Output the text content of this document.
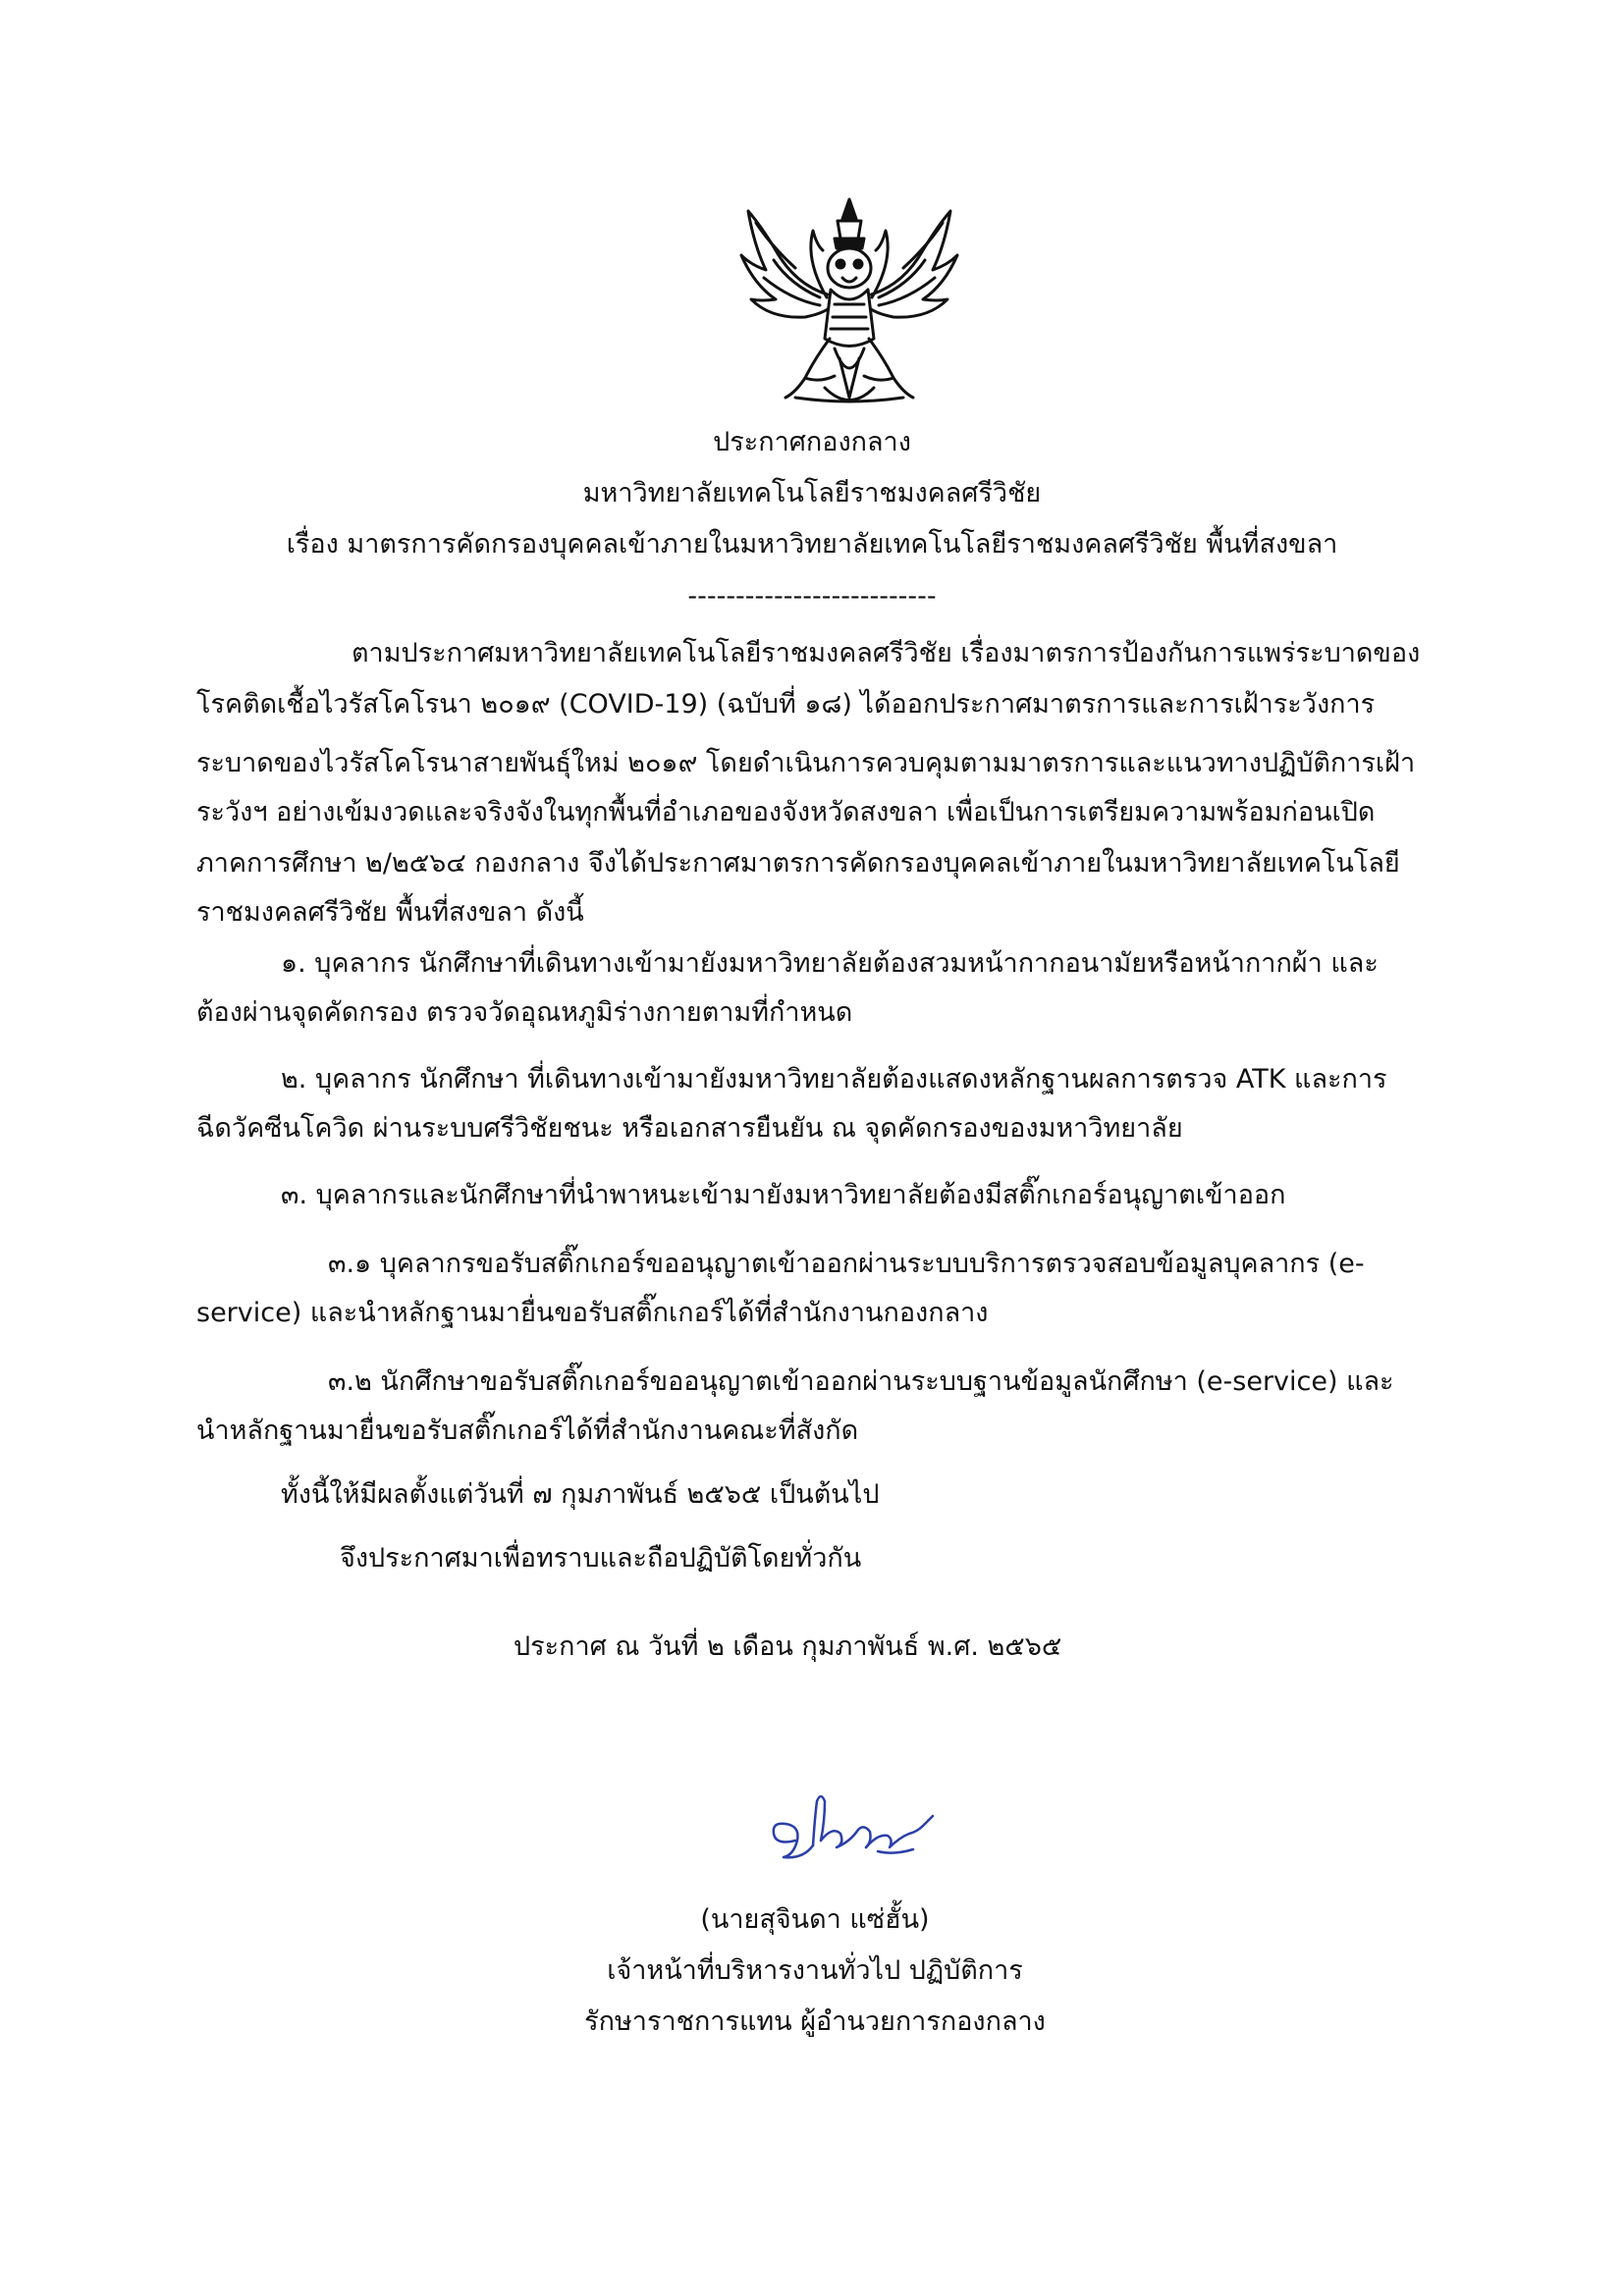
ประกาศกองกลาง
มหาวิทยาลัยเทคโนโลยีราชมงคลศรีวิชัย
เรื่อง มาตรการคัดกรองบุคคลเข้าภายในมหาวิทยาลัยเทคโนโลยีราชมงคลศรีวิชัย พื้นที่สงขลา
--------------------------
ตามประกาศมหาวิทยาลัยเทคโนโลยีราชมงคลศรีวิชัย เรื่องมาตรการป้องกันการแพร่ระบาดของ
โรคติดเชื้อไวรัสโคโรนา ๒๐๑๙ (COVID-19) (ฉบับที่ ๑๘) ได้ออกประกาศมาตรการและการเฝ้าระวังการ
ระบาดของไวรัสโคโรนาสายพันธุ์ใหม่ ๒๐๑๙ โดยดำเนินการควบคุมตามมาตรการและแนวทางปฏิบัติการเฝ้า
ระวังฯ อย่างเข้มงวดและจริงจังในทุกพื้นที่อำเภอของจังหวัดสงขลา เพื่อเป็นการเตรียมความพร้อมก่อนเปิด
ภาคการศึกษา ๒/๒๕๖๔ กองกลาง จึงได้ประกาศมาตรการคัดกรองบุคคลเข้าภายในมหาวิทยาลัยเทคโนโลยี
ราชมงคลศรีวิชัย พื้นที่สงขลา ดังนี้
๑. บุคลากร นักศึกษาที่เดินทางเข้ามายังมหาวิทยาลัยต้องสวมหน้ากากอนามัยหรือหน้ากากผ้า และ
ต้องผ่านจุดคัดกรอง ตรวจวัดอุณหภูมิร่างกายตามที่กำหนด
๒. บุคลากร นักศึกษา ที่เดินทางเข้ามายังมหาวิทยาลัยต้องแสดงหลักฐานผลการตรวจ ATK และการ
ฉีดวัคซีนโควิด ผ่านระบบศรีวิชัยชนะ หรือเอกสารยืนยัน ณ จุดคัดกรองของมหาวิทยาลัย
๓. บุคลากรและนักศึกษาที่นำพาหนะเข้ามายังมหาวิทยาลัยต้องมีสติ๊กเกอร์อนุญาตเข้าออก
๓.๑ บุคลากรขอรับสติ๊กเกอร์ขออนุญาตเข้าออกผ่านระบบบริการตรวจสอบข้อมูลบุคลากร (e-
service) และนำหลักฐานมายื่นขอรับสติ๊กเกอร์ได้ที่สำนักงานกองกลาง
๓.๒ นักศึกษาขอรับสติ๊กเกอร์ขออนุญาตเข้าออกผ่านระบบฐานข้อมูลนักศึกษา (e-service) และ
นำหลักฐานมายื่นขอรับสติ๊กเกอร์ได้ที่สำนักงานคณะที่สังกัด
ทั้งนี้ให้มีผลตั้งแต่วันที่ ๗ กุมภาพันธ์ ๒๕๖๕ เป็นต้นไป
จึงประกาศมาเพื่อทราบและถือปฏิบัติโดยทั่วกัน
ประกาศ ณ วันที่ ๒ เดือน กุมภาพันธ์ พ.ศ. ๒๕๖๕
(นายสุจินดา แซ่ฮั้น)
เจ้าหน้าที่บริหารงานทั่วไป ปฏิบัติการ
รักษาราชการแทน ผู้อำนวยการกองกลาง
